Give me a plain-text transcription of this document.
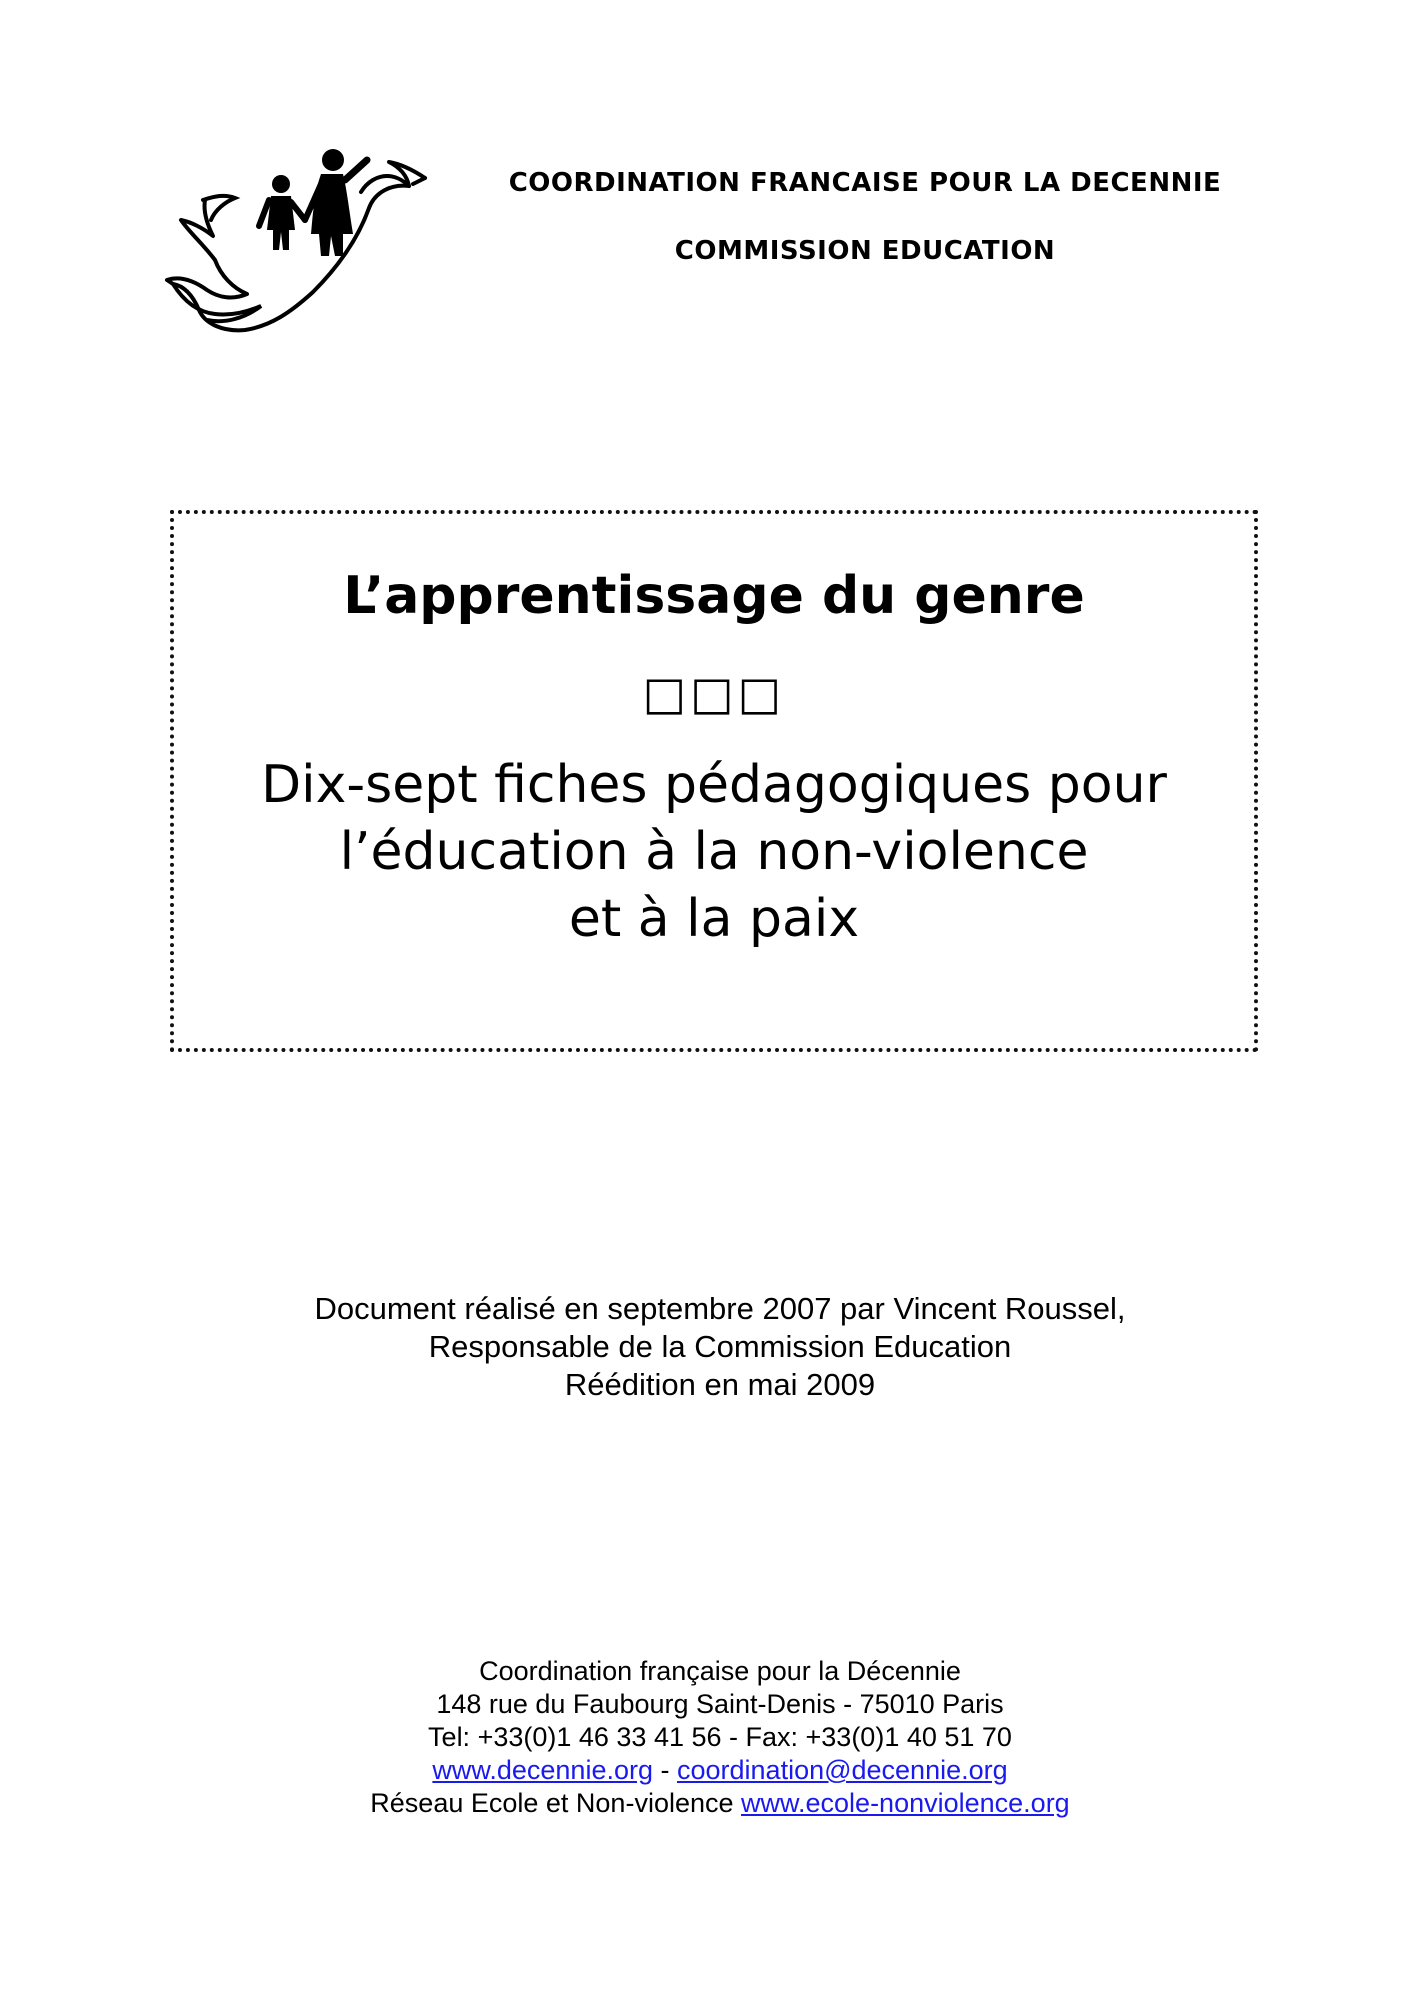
COORDINATION FRANCAISE POUR LA DECENNIE
COMMISSION EDUCATION
L’apprentissage du genre
□□□
Dix-sept fiches pédagogiques pour
l’éducation à la non-violence
et à la paix
Document réalisé en septembre 2007 par Vincent Roussel,
Responsable de la Commission Education
Réédition en mai 2009
Coordination française pour la Décennie
148 rue du Faubourg Saint-Denis - 75010 Paris
Tel: +33(0)1 46 33 41 56 - Fax: +33(0)1 40 51 70
www.decennie.org - coordination@decennie.org
Réseau Ecole et Non-violence www.ecole-nonviolence.org
